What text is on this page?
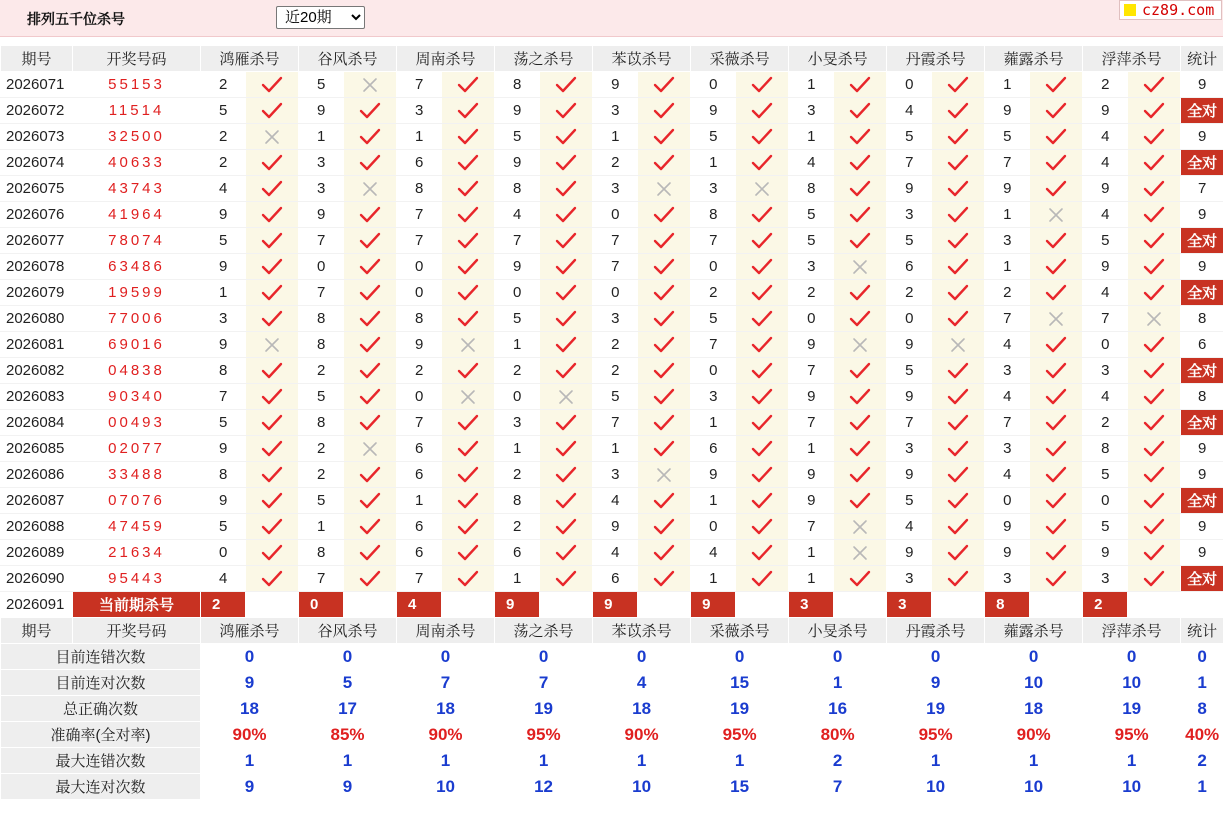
排列五千位杀号
近20期	cz89.com
期号	开奖号码	鸿雁杀号		谷风杀号		周南杀号		荡之杀号		苯苡杀号		采薇杀号		小旻杀号		丹霞杀号		蕹露杀号		浮萍杀号		统计
2026071	55153	2		5		7		8		9		0		1		0		1		2		9
2026072	11514	5		9		3		9		3		9		3		4		9		9		全对
2026073	32500	2		1		1		5		1		5		1		5		5		4		9
2026074	40633	2		3		6		9		2		1		4		7		7		4		全对
2026075	43743	4		3		8		8		3		3		8		9		9		9		7
2026076	41964	9		9		7		4		0		8		5		3		1		4		9
2026077	78074	5		7		7		7		7		7		5		5		3		5		全对
2026078	63486	9		0		0		9		7		0		3		6		1		9		9
2026079	19599	1		7		0		0		0		2		2		2		2		4		全对
2026080	77006	3		8		8		5		3		5		0		0		7		7		8
2026081	69016	9		8		9		1		2		7		9		9		4		0		6
2026082	04838	8		2		2		2		2		0		7		5		3		3		全对
2026083	90340	7		5		0		0		5		3		9		9		4		4		8
2026084	00493	5		8		7		3		7		1		7		7		7		2		全对
2026085	02077	9		2		6		1		1		6		1		3		3		8		9
2026086	33488	8		2		6		2		3		9		9		9		4		5		9
2026087	07076	9		5		1		8		4		1		9		5		0		0		全对
2026088	47459	5		1		6		2		9		0		7		4		9		5		9
2026089	21634	0		8		6		6		4		4		1		9		9		9		9
2026090	95443	4		7		7		1		6		1		1		3		3		3		全对
2026091	当前期杀号	2		0		4		9		9		9		3		3		8		2		
期号	开奖号码	鸿雁杀号		谷风杀号		周南杀号		荡之杀号		苯苡杀号		采薇杀号		小旻杀号		丹霞杀号		蕹露杀号		浮萍杀号		统计
目前连错次数		0		0		0		0		0		0		0		0		0		0		0
目前连对次数		9		5		7		7		4		15		1		9		10		10		1
总正确次数		18		17		18		19		18		19		16		19		18		19		8
准确率(全对率)		90%		85%		90%		95%		90%		95%		80%		95%		90%		95%		40%
最大连错次数		1		1		1		1		1		1		2		1		1		1		2
最大连对次数		9		9		10		12		10		15		7		10		10		10		1
